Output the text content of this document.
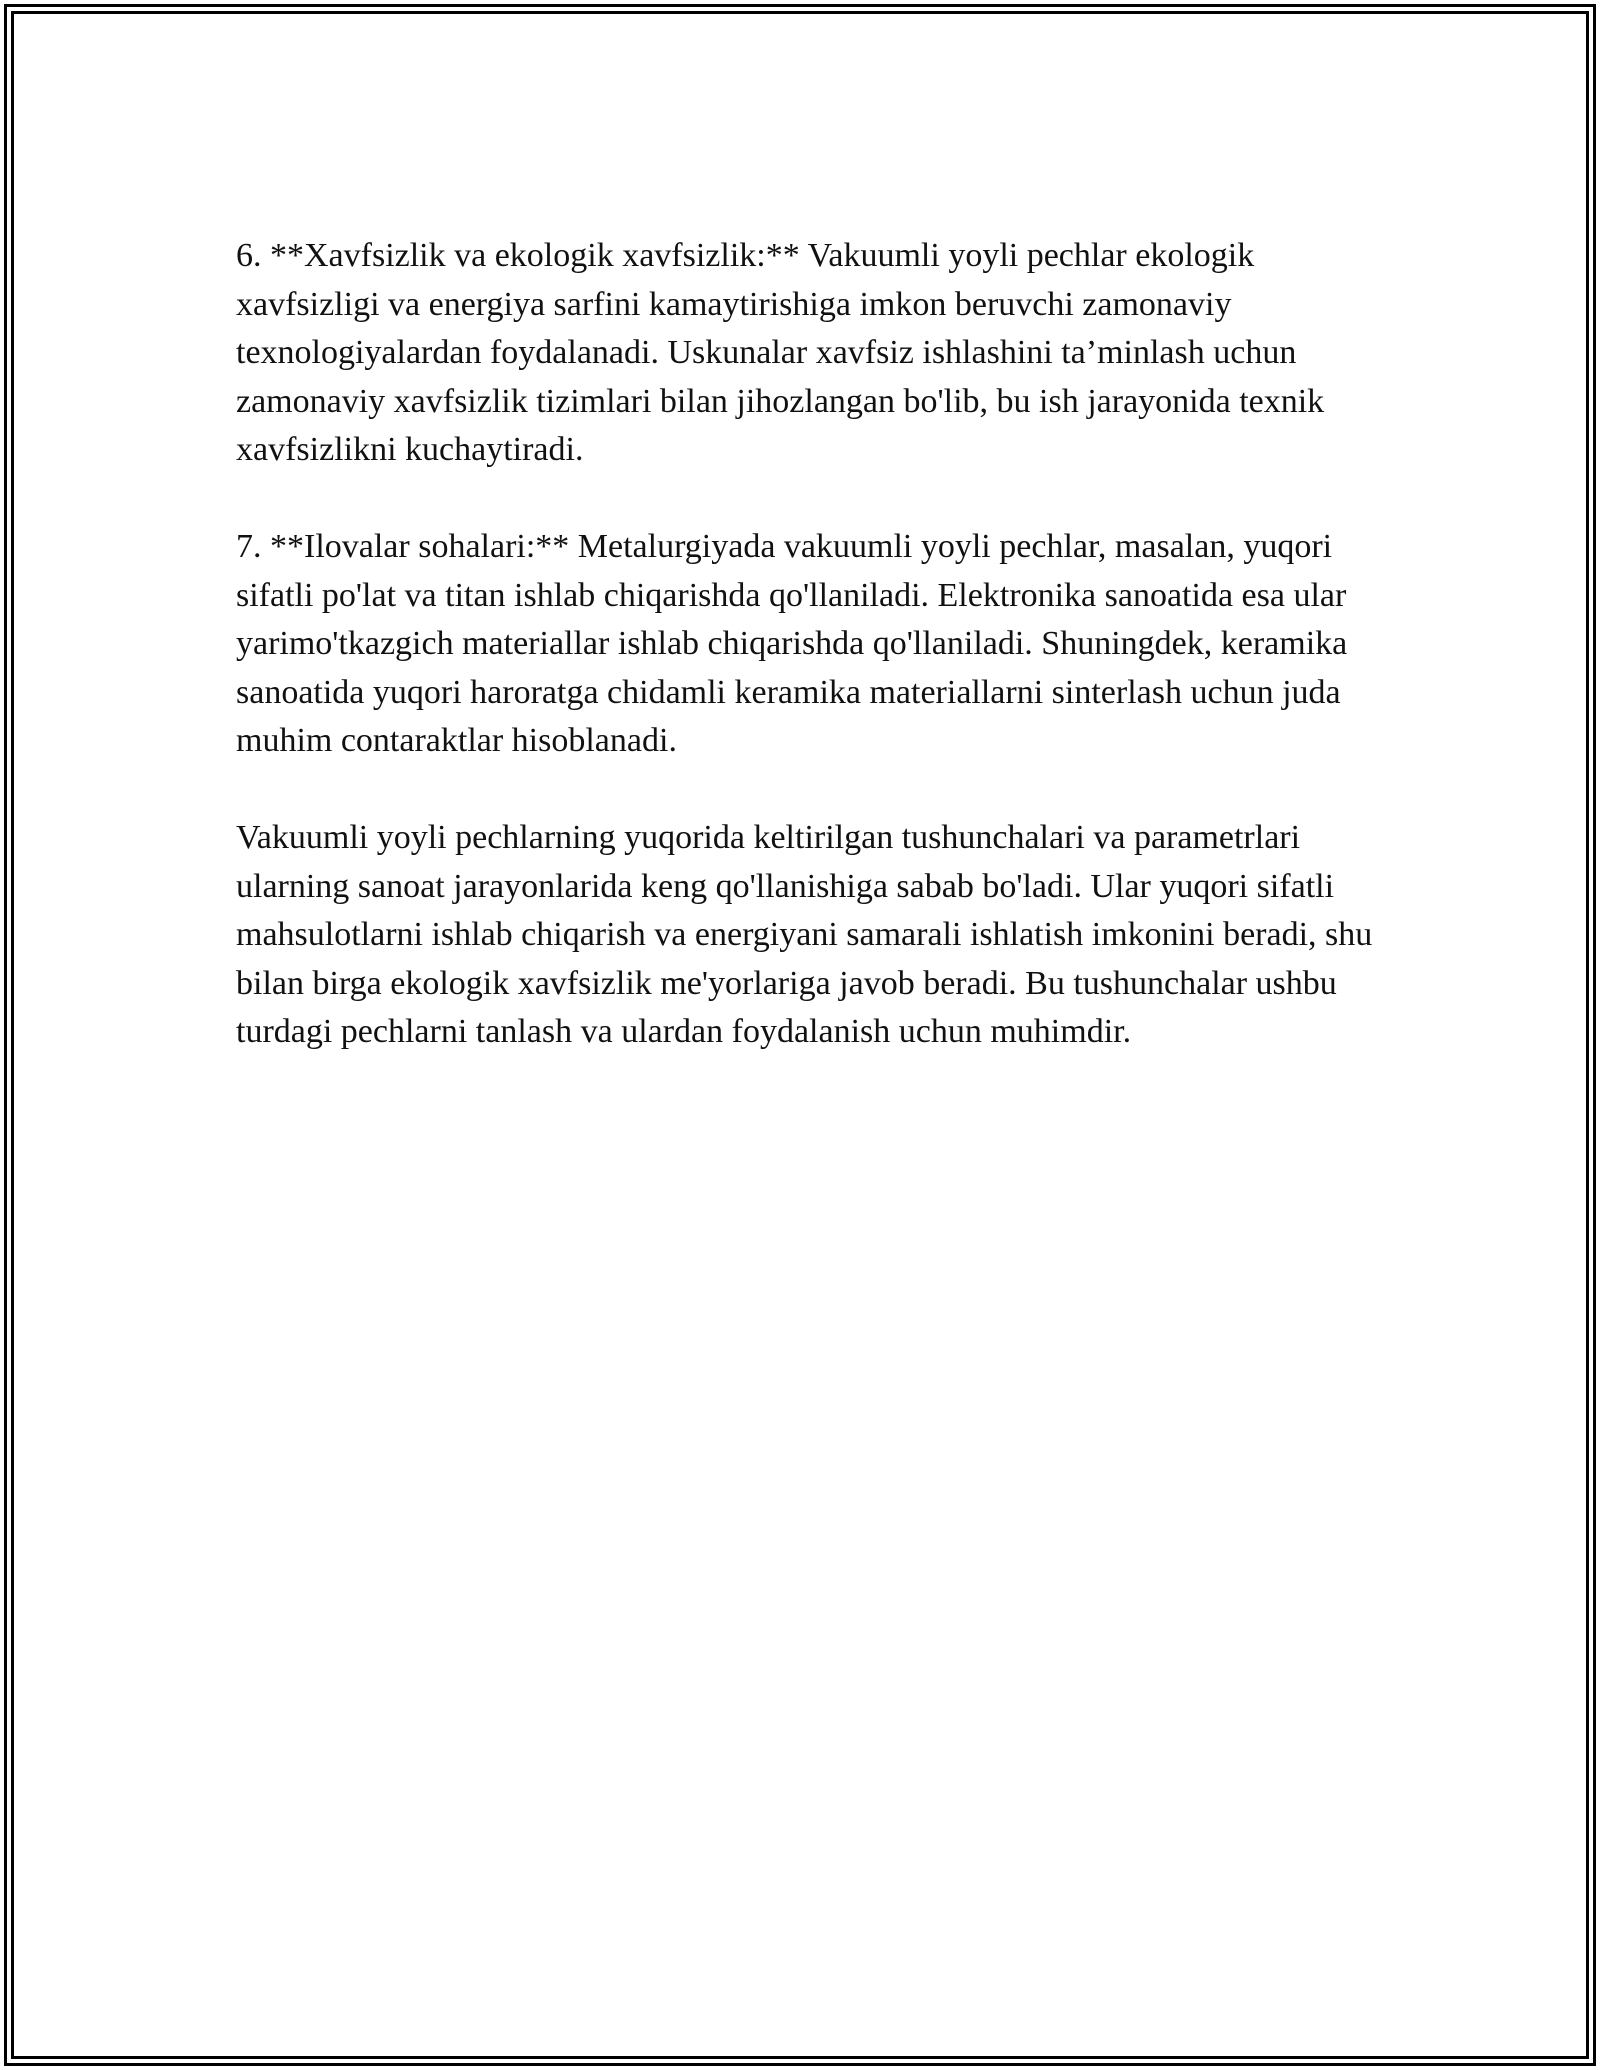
6. **Xavfsizlik va ekologik xavfsizlik:** Vakuumli yoyli pechlar ekologik xavfsizligi va energiya sarfini kamaytirishiga imkon beruvchi zamonaviy texnologiyalardan foydalanadi. Uskunalar xavfsiz ishlashini ta’minlash uchun zamonaviy xavfsizlik tizimlari bilan jihozlangan bo'lib, bu ish jarayonida texnik xavfsizlikni kuchaytiradi.

7. **Ilovalar sohalari:** Metalurgiyada vakuumli yoyli pechlar, masalan, yuqori sifatli po'lat va titan ishlab chiqarishda qo'llaniladi. Elektronika sanoatida esa ular yarimo'tkazgich materiallar ishlab chiqarishda qo'llaniladi. Shuningdek, keramika sanoatida yuqori haroratga chidamli keramika materiallarni sinterlash uchun juda muhim contaraktlar hisoblanadi.

Vakuumli yoyli pechlarning yuqorida keltirilgan tushunchalari va parametrlari ularning sanoat jarayonlarida keng qo'llanishiga sabab bo'ladi. Ular yuqori sifatli mahsulotlarni ishlab chiqarish va energiyani samarali ishlatish imkonini beradi, shu bilan birga ekologik xavfsizlik me'yorlariga javob beradi. Bu tushunchalar ushbu turdagi pechlarni tanlash va ulardan foydalanish uchun muhimdir.
